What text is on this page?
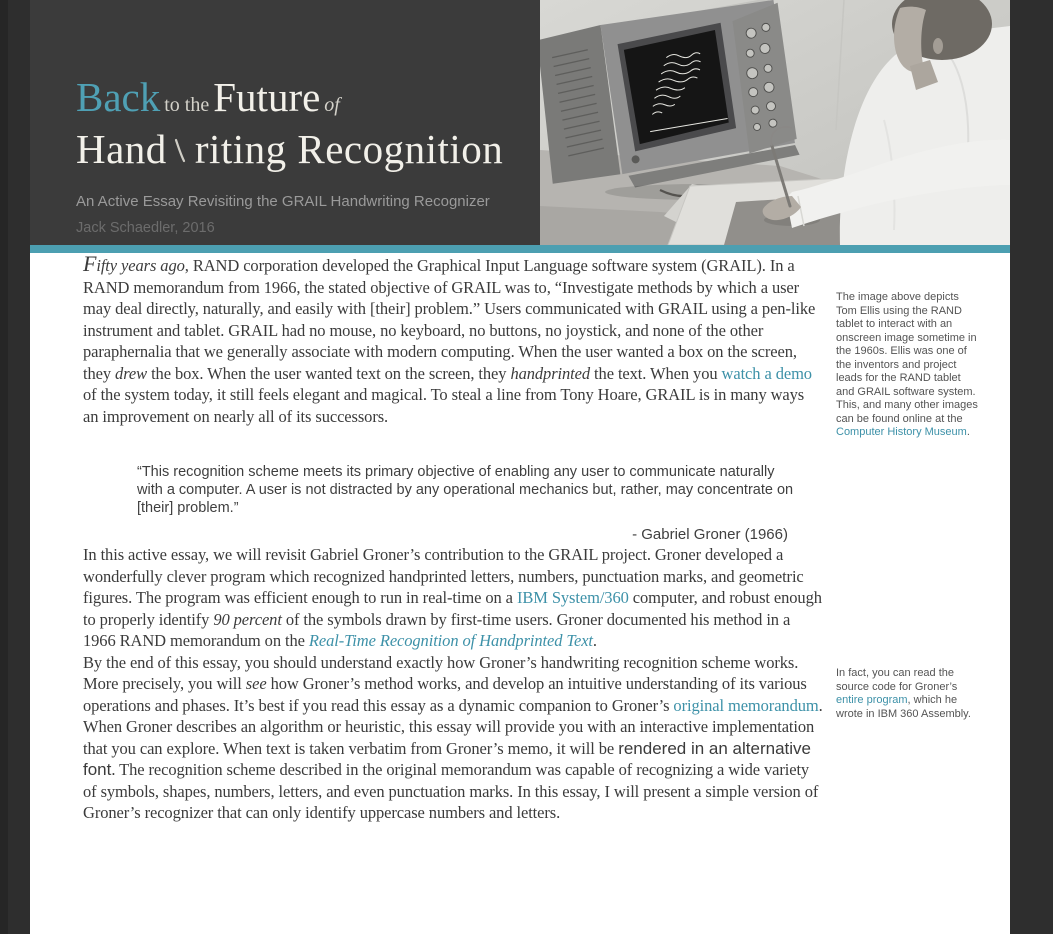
Back to the Future of
Hand riting Recognition
An Active Essay Revisiting the GRAIL Handwriting Recognizer
Jack Schaedler, 2016

Fifty years ago, RAND corporation developed the Graphical Input Language software system (GRAIL). In a RAND memorandum from 1966, the stated objective of GRAIL was to, “Investigate methods by which a user may deal directly, naturally, and easily with [their] problem.” Users communicated with GRAIL using a pen-like instrument and tablet. GRAIL had no mouse, no keyboard, no buttons, no joystick, and none of the other paraphernalia that we generally associate with modern computing. When the user wanted a box on the screen, they drew the box. When the user wanted text on the screen, they handprinted the text. When you watch a demo of the system today, it still feels elegant and magical. To steal a line from Tony Hoare, GRAIL is in many ways an improvement on nearly all of its successors.

“This recognition scheme meets its primary objective of enabling any user to communicate naturally with a computer. A user is not distracted by any operational mechanics but, rather, may concentrate on [their] problem.”

- Gabriel Groner (1966)

In this active essay, we will revisit Gabriel Groner’s contribution to the GRAIL project. Groner developed a wonderfully clever program which recognized handprinted letters, numbers, punctuation marks, and geometric figures. The program was efficient enough to run in real-time on a IBM System/360 computer, and robust enough to properly identify 90 percent of the symbols drawn by first-time users. Groner documented his method in a 1966 RAND memorandum on the Real-Time Recognition of Handprinted Text.

By the end of this essay, you should understand exactly how Groner’s handwriting recognition scheme works. More precisely, you will see how Groner’s method works, and develop an intuitive understanding of its various operations and phases. It’s best if you read this essay as a dynamic companion to Groner’s original memorandum. When Groner describes an algorithm or heuristic, this essay will provide you with an interactive implementation that you can explore. When text is taken verbatim from Groner’s memo, it will be rendered in an alternative font. The recognition scheme described in the original memorandum was capable of recognizing a wide variety of symbols, shapes, numbers, letters, and even punctuation marks. In this essay, I will present a simple version of Groner’s recognizer that can only identify uppercase numbers and letters.

The image above depicts Tom Ellis using the RAND tablet to interact with an onscreen image sometime in the 1960s. Ellis was one of the inventors and project leads for the RAND tablet and GRAIL software system. This, and many other images can be found online at the Computer History Museum.
In fact, you can read the source code for Groner’s entire program, which he wrote in IBM 360 Assembly.
